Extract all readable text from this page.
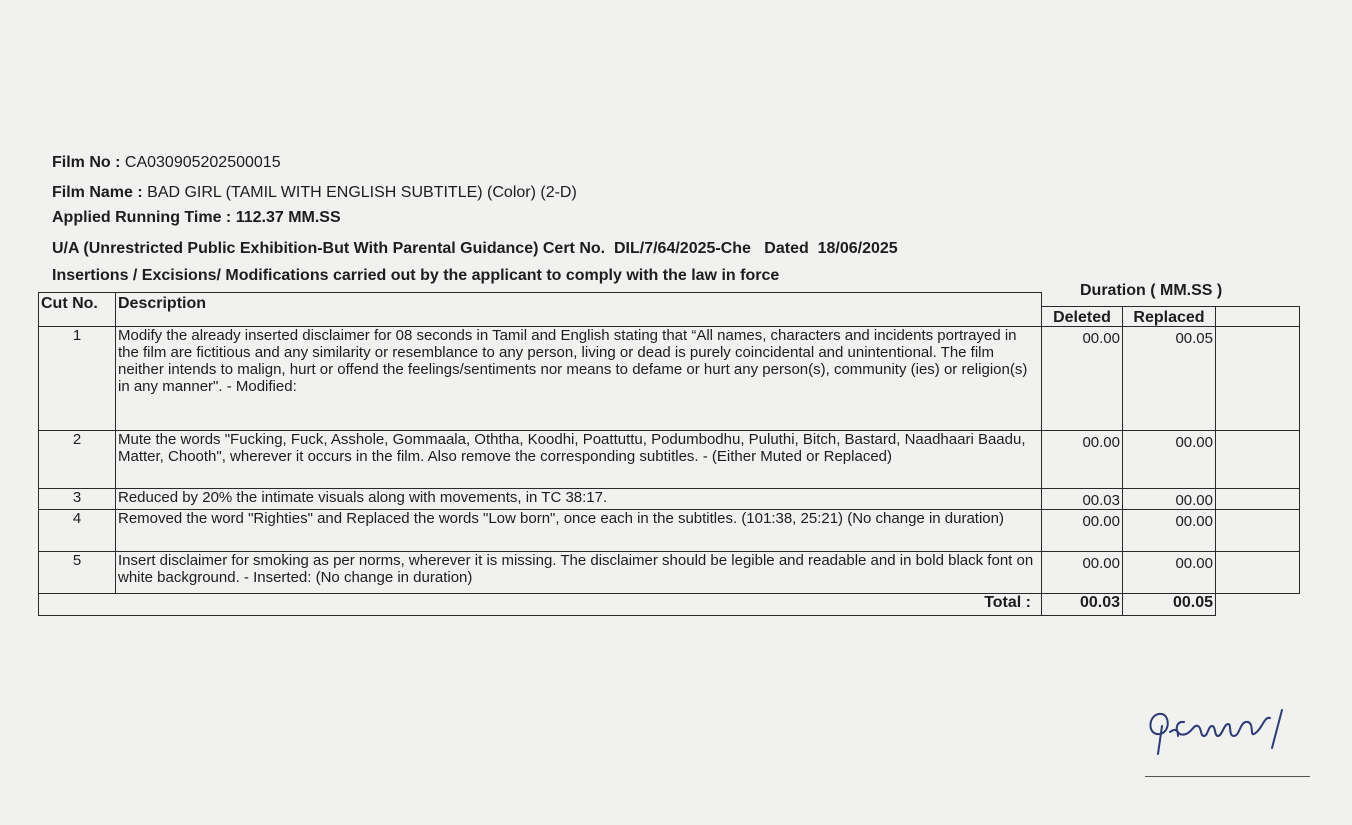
Film No : CA030905202500015
Film Name : BAD GIRL (TAMIL WITH ENGLISH SUBTITLE) (Color) (2-D)
Applied Running Time : 112.37 MM.SS
U/A (Unrestricted Public Exhibition-But With Parental Guidance) Cert No. DIL/7/64/2025-Che Dated 18/06/2025
Insertions / Excisions/ Modifications carried out by the applicant to comply with the law in force
Duration ( MM.SS )
Cut No.	Description			
		Deleted	Replaced	
1	Modify the already inserted disclaimer for 08 seconds in Tamil and English stating that “All names, characters and incidents portrayed in the film are fictitious and any similarity or resemblance to any person, living or dead is purely coincidental and unintentional. The film neither intends to malign, hurt or offend the feelings/sentiments nor means to defame or hurt any person(s), community (ies) or religion(s) in any manner". - Modified:	00.00	00.05	
2	Mute the words "Fucking, Fuck, Asshole, Gommaala, Oththa, Koodhi, Poattuttu, Podumbodhu, Puluthi, Bitch, Bastard, Naadhaari Baadu, Matter, Chooth", wherever it occurs in the film. Also remove the corresponding subtitles. - (Either Muted or Replaced)	00.00	00.00	
3	Reduced by 20% the intimate visuals along with movements, in TC 38:17.	00.03	00.00	
4	Removed the word "Righties" and Replaced the words "Low born", once each in the subtitles. (101:38, 25:21) (No change in duration)	00.00	00.00	
5	Insert disclaimer for smoking as per norms, wherever it is missing. The disclaimer should be legible and readable and in bold black font on white background. - Inserted: (No change in duration)	00.00	00.00	
Total :		00.03	00.05	
